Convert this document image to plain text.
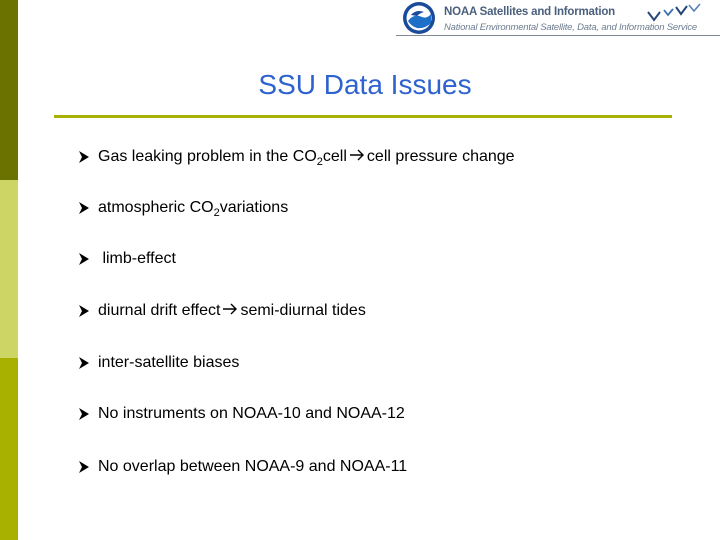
NOAA Satellites and Information
National Environmental Satellite, Data, and Information Service
SSU Data Issues
Gas leaking problem in the CO 2 cell cell pressure change
atmospheric CO 2 variations
limb-effect
diurnal drift effect semi-diurnal tides
inter-satellite biases
No instruments on NOAA-10 and NOAA-12
No overlap between NOAA-9 and NOAA-11
